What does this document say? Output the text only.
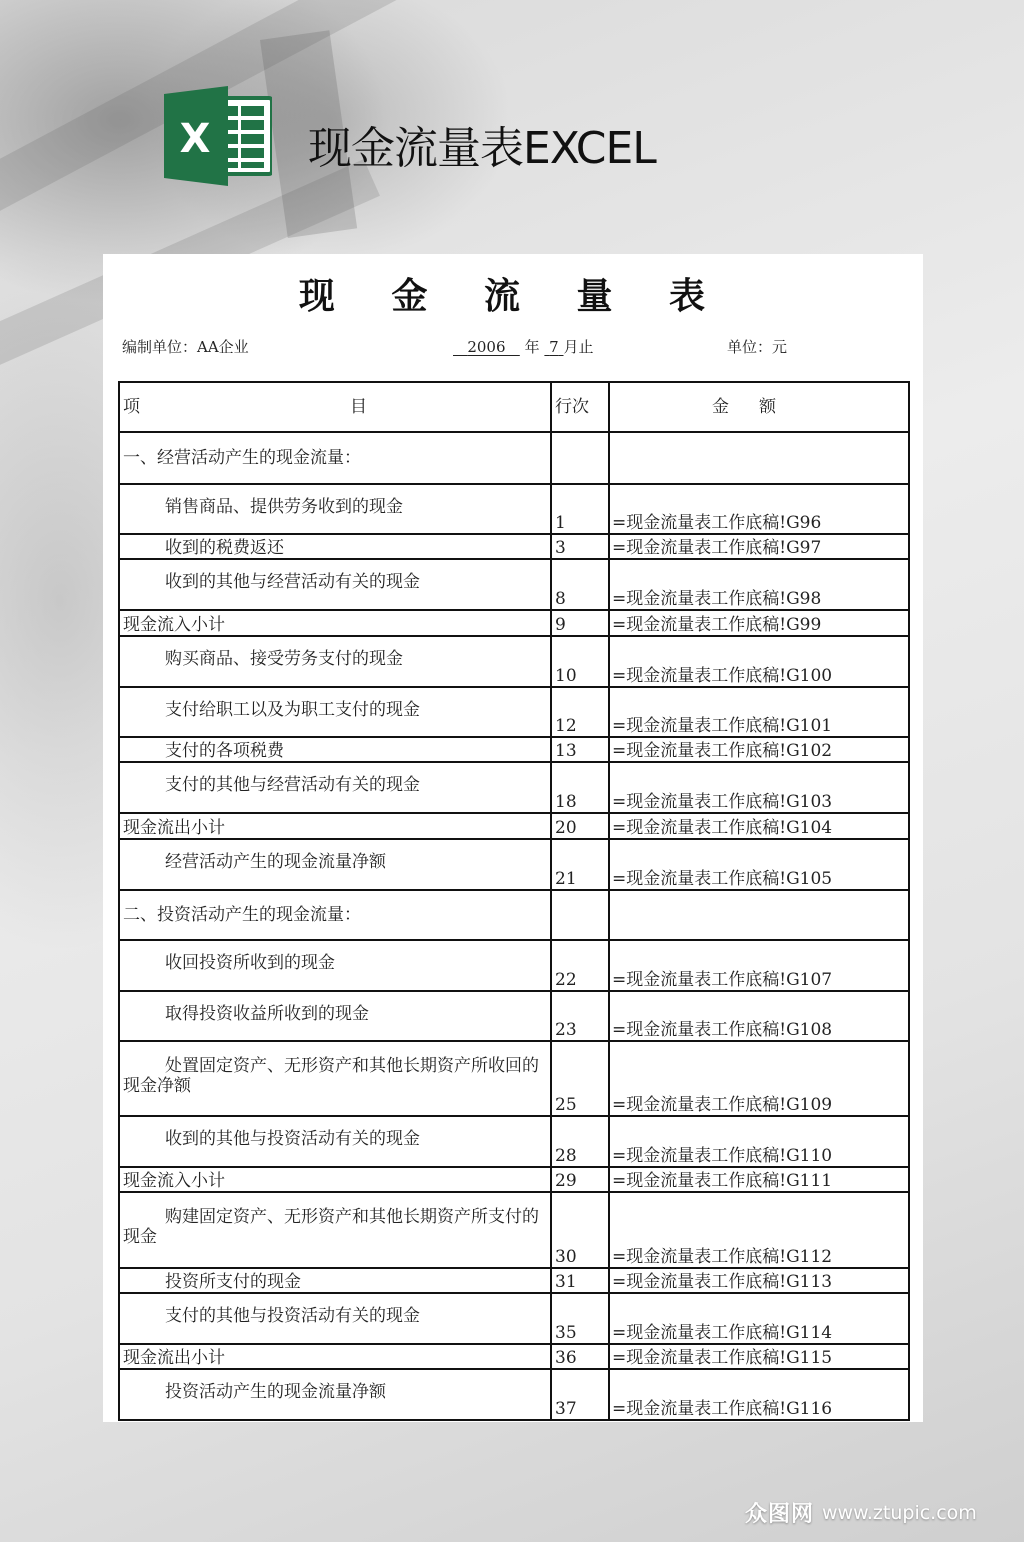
X 现金流量表EXCEL
现 金 流 量 表
编制单位：AA企业	2006 年 7 月止	单位：元
项 目	行次	金额
一、经营活动产生的现金流量：		
销售商品、提供劳务收到的现金	1	=现金流量表工作底稿!G96
收到的税费返还	3	=现金流量表工作底稿!G97
收到的其他与经营活动有关的现金	8	=现金流量表工作底稿!G98
现金流入小计	9	=现金流量表工作底稿!G99
购买商品、接受劳务支付的现金	10	=现金流量表工作底稿!G100
支付给职工以及为职工支付的现金	12	=现金流量表工作底稿!G101
支付的各项税费	13	=现金流量表工作底稿!G102
支付的其他与经营活动有关的现金	18	=现金流量表工作底稿!G103
现金流出小计	20	=现金流量表工作底稿!G104
经营活动产生的现金流量净额	21	=现金流量表工作底稿!G105
二、投资活动产生的现金流量：		
收回投资所收到的现金	22	=现金流量表工作底稿!G107
取得投资收益所收到的现金	23	=现金流量表工作底稿!G108
处置固定资产、无形资产和其他长期资产所收回的现金净额	25	=现金流量表工作底稿!G109
收到的其他与投资活动有关的现金	28	=现金流量表工作底稿!G110
现金流入小计	29	=现金流量表工作底稿!G111
购建固定资产、无形资产和其他长期资产所支付的现金	30	=现金流量表工作底稿!G112
投资所支付的现金	31	=现金流量表工作底稿!G113
支付的其他与投资活动有关的现金	35	=现金流量表工作底稿!G114
现金流出小计	36	=现金流量表工作底稿!G115
投资活动产生的现金流量净额	37	=现金流量表工作底稿!G116
众图网 www.ztupic.com
